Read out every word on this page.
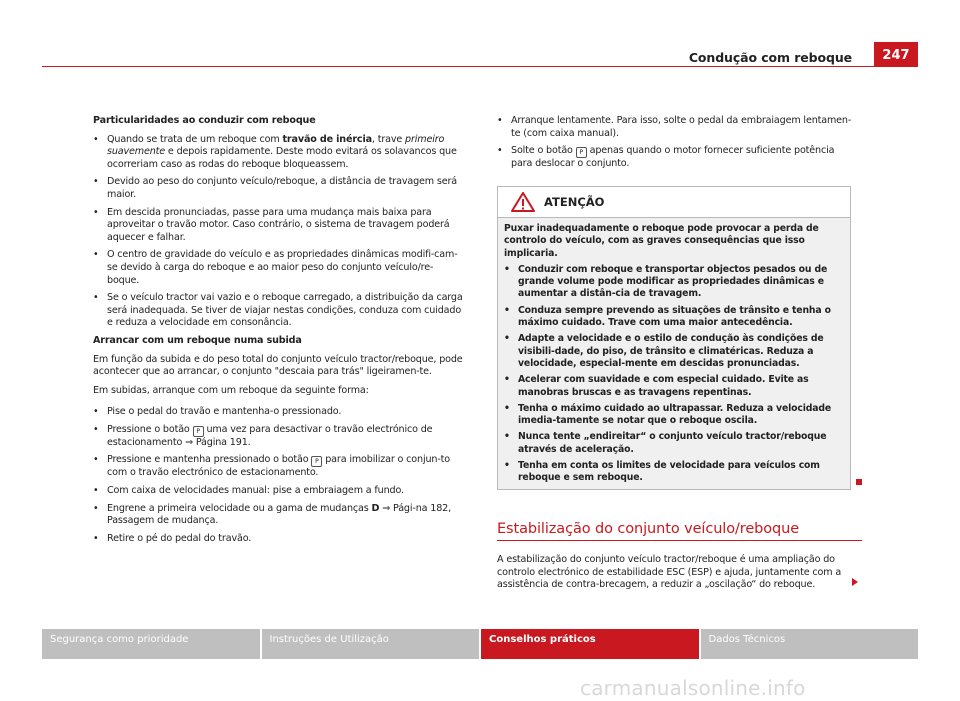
Condução com reboque	247

Particularidades ao conduzir com reboque

• Quando se trata de um reboque com travão de inércia, trave primeiro suavemente e depois rapidamente. Deste modo evitará os solavancos que ocorreriam caso as rodas do reboque bloqueassem.
• Devido ao peso do conjunto veículo/reboque, a distância de travagem será maior.
• Em descida pronunciadas, passe para uma mudança mais baixa para aproveitar o travão motor. Caso contrário, o sistema de travagem poderá aquecer e falhar.
• O centro de gravidade do veículo e as propriedades dinâmicas modifi-cam-se devido à carga do reboque e ao maior peso do conjunto veículo/re-boque.
• Se o veículo tractor vai vazio e o reboque carregado, a distribuição da carga será inadequada. Se tiver de viajar nestas condições, conduza com cuidado e reduza a velocidade em consonância.

Arrancar com um reboque numa subida

Em função da subida e do peso total do conjunto veículo tractor/reboque, pode acontecer que ao arrancar, o conjunto "descaia para trás" ligeiramen-te.

Em subidas, arranque com um reboque da seguinte forma:

• Pise o pedal do travão e mantenha-o pressionado.
• Pressione o botão P uma vez para desactivar o travão electrónico de estacionamento ⇒ Página 191.
• Pressione e mantenha pressionado o botão P para imobilizar o conjun-to com o travão electrónico de estacionamento.
• Com caixa de velocidades manual: pise a embraiagem a fundo.
• Engrene a primeira velocidade ou a gama de mudanças D ⇒ Pági-na 182, Passagem de mudança.
• Retire o pé do pedal do travão.
• Arranque lentamente. Para isso, solte o pedal da embraiagem lentamen-te (com caixa manual).
• Solte o botão P apenas quando o motor fornecer suficiente potência para deslocar o conjunto.
ATENÇÃO

Puxar inadequadamente o reboque pode provocar a perda de controlo do veículo, com as graves consequências que isso implicaria.

• Conduzir com reboque e transportar objectos pesados ou de grande volume pode modificar as propriedades dinâmicas e aumentar a distân-cia de travagem.
• Conduza sempre prevendo as situações de trânsito e tenha o máximo cuidado. Trave com uma maior antecedência.
• Adapte a velocidade e o estilo de condução às condições de visibili-dade, do piso, de trânsito e climatéricas. Reduza a velocidade, especial-mente em descidas pronunciadas.
• Acelerar com suavidade e com especial cuidado. Evite as manobras bruscas e as travagens repentinas.
• Tenha o máximo cuidado ao ultrapassar. Reduza a velocidade imedia-tamente se notar que o reboque oscila.
• Nunca tente „endireitar“ o conjunto veículo tractor/reboque através de aceleração.
• Tenha em conta os limites de velocidade para veículos com reboque e sem reboque.
Estabilização do conjunto veículo/reboque
A estabilização do conjunto veículo tractor/reboque é uma ampliação do controlo electrónico de estabilidade ESC (ESP) e ajuda, juntamente com a assistência de contra-brecagem, a reduzir a „oscilação“ do reboque.
Segurança como prioridade	Instruções de Utilização	Conselhos práticos	Dados Técnicos
carmanualsonline.info
